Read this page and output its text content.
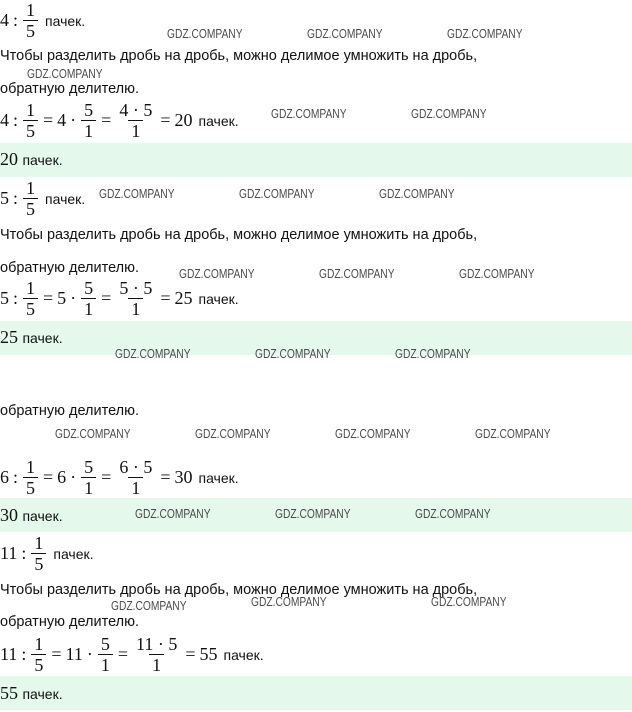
4 : $\frac{1}{5}$ пачек.
Чтобы разделить дробь на дробь, можно делимое умножить на дробь,
обратную делителю.
4 : $\frac{1}{5} = 4 \cdot \frac{5}{1} = \frac{4 \cdot 5}{1} = 20$ пачек.
20 пачек.
5 : $\frac{1}{5}$ пачек.
Чтобы разделить дробь на дробь, можно делимое умножить на дробь,
обратную делителю.
5 : $\frac{1}{5} = 5 \cdot \frac{5}{1} = \frac{5 \cdot 5}{1} = 25$ пачек.
25 пачек.
обратную делителю.
6 : $\frac{1}{5} = 6 \cdot \frac{5}{1} = \frac{6 \cdot 5}{1} = 30$ пачек.
30 пачек.
11 : $\frac{1}{5}$ пачек.
Чтобы разделить дробь на дробь, можно делимое умножить на дробь,
обратную делителю.
11 : $\frac{1}{5} = 11 \cdot \frac{5}{1} = \frac{11 \cdot 5}{1} = 55$ пачек.
55 пачек.
GDZ.COMPANY	GDZ.COMPANY	GDZ.COMPANY
GDZ.COMPANY
GDZ.COMPANY	GDZ.COMPANY
GDZ.COMPANY	GDZ.COMPANY	GDZ.COMPANY
GDZ.COMPANY	GDZ.COMPANY	GDZ.COMPANY
GDZ.COMPANY	GDZ.COMPANY	GDZ.COMPANY
GDZ.COMPANY	GDZ.COMPANY	GDZ.COMPANY	GDZ.COMPANY
GDZ.COMPANY	GDZ.COMPANY	GDZ.COMPANY
GDZ.COMPANY	GDZ.COMPANY	GDZ.COMPANY
